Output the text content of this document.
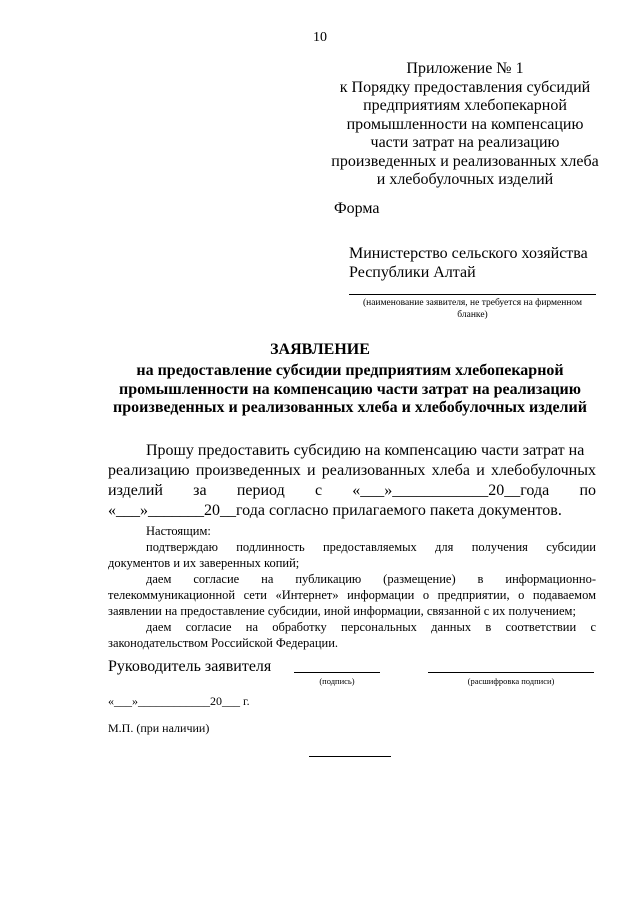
10
Приложение № 1
к Порядку предоставления субсидий
предприятиям хлебопекарной
промышленности на компенсацию
части затрат на реализацию
произведенных и реализованных хлеба
и хлебобулочных изделий
Форма
Министерство сельского хозяйства
Республики Алтай
(наименование заявителя, не требуется на фирменном
бланке)
ЗАЯВЛЕНИЕ
на предоставление субсидии предприятиям хлебопекарной
промышленности на компенсацию части затрат на реализацию
произведенных и реализованных хлеба и хлебобулочных изделий
Прошу предоставить субсидию на компенсацию части затрат на
реализацию произведенных и реализованных хлеба и хлебобулочных
изделий за период с «___»____________20__года по
«___»_______20__года согласно прилагаемого пакета документов.
Настоящим:
подтверждаю подлинность предоставляемых для получения субсидии
документов и их заверенных копий;
даем согласие на публикацию (размещение) в информационно-
телекоммуникационной сети «Интернет» информации о предприятии, о подаваемом
заявлении на предоставление субсидии, иной информации, связанной с их получением;
даем согласие на обработку персональных данных в соответствии с
законодательством Российской Федерации.
Руководитель заявителя
(подпись)	(расшифровка подписи)
«___»____________20___ г.
М.П. (при наличии)
